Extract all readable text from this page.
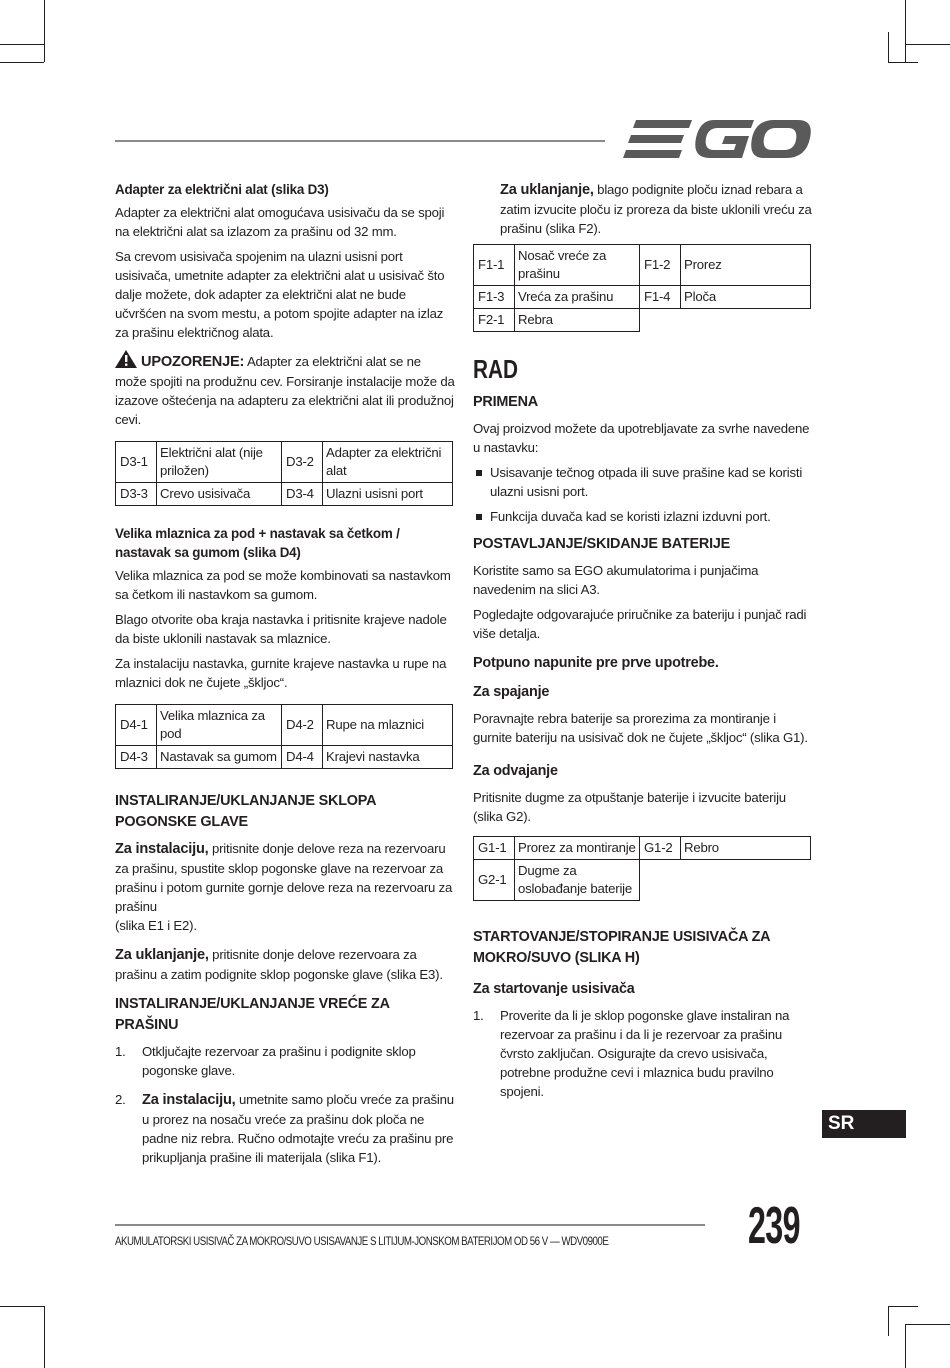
Adapter za električni alat (slika D3)

Adapter za električni alat omogućava usisivaču da se spoji na električni alat sa izlazom za prašinu od 32 mm.

Sa crevom usisivača spojenim na ulazni usisni port usisivača, umetnite adapter za električni alat u usisivač što dalje možete, dok adapter za električni alat ne bude učvršćen na svom mestu, a potom spojite adapter na izlaz za prašinu električnog alata.

UPOZORENJE: Adapter za električni alat se ne može spojiti na produžnu cev. Forsiranje instalacije može da izazove oštećenja na adapteru za električni alat ili produžnoj cevi.

D3-1	Električni alat (nije priložen)	D3-2	Adapter za električni alat
D3-3	Crevo usisivača	D3-4	Ulazni usisni port
Velika mlaznica za pod + nastavak sa četkom / nastavak sa gumom (slika D4)

Velika mlaznica za pod se može kombinovati sa nastavkom sa četkom ili nastavkom sa gumom.

Blago otvorite oba kraja nastavka i pritisnite krajeve nadole da biste uklonili nastavak sa mlaznice.

Za instalaciju nastavka, gurnite krajeve nastavka u rupe na mlaznici dok ne čujete „škljoc“.

D4-1	Velika mlaznica za pod	D4-2	Rupe na mlaznici
D4-3	Nastavak sa gumom	D4-4	Krajevi nastavka
INSTALIRANJE/UKLANJANJE SKLOPA POGONSKE GLAVE

Za instalaciju, pritisnite donje delove reza na rezervoaru za prašinu, spustite sklop pogonske glave na rezervoar za prašinu i potom gurnite gornje delove reza na rezervoaru za prašinu
(slika E1 i E2).

Za uklanjanje, pritisnite donje delove rezervoara za prašinu a zatim podignite sklop pogonske glave (slika E3).

INSTALIRANJE/UKLANJANJE VREĆE ZA PRAŠINU
1. Otključajte rezervoar za prašinu i podignite sklop pogonske glave.
2. Za instalaciju, umetnite samo ploču vreće za prašinu u prorez na nosaču vreće za prašinu dok ploča ne padne niz rebra. Ručno odmotajte vreću za prašinu pre prikupljanja prašine ili materijala (slika F1).

Za uklanjanje, blago podignite ploču iznad rebara a zatim izvucite ploču iz proreza da biste uklonili vreću za prašinu (slika F2).

F1-1	Nosač vreće za prašinu	F1-2	Prorez
F1-3	Vreća za prašinu	F1-4	Ploča
F2-1	Rebra		
RAD
PRIMENA

Ovaj proizvod možete da upotrebljavate za svrhe navedene u nastavku:

Usisavanje tečnog otpada ili suve prašine kad se koristi ulazni usisni port.
Funkcija duvača kad se koristi izlazni izduvni port.
POSTAVLJANJE/SKIDANJE BATERIJE

Koristite samo sa EGO akumulatorima i punjačima navedenim na slici A3.

Pogledajte odgovarajuće priručnike za bateriju i punjač radi više detalja.

Potpuno napunite pre prve upotrebe.
Za spajanje

Poravnajte rebra baterije sa prorezima za montiranje i gurnite bateriju na usisivač dok ne čujete „škljoc“ (slika G1).

Za odvajanje

Pritisnite dugme za otpuštanje baterije i izvucite bateriju (slika G2).

G1-1	Prorez za montiranje	G1-2	Rebro
G2-1	Dugme za oslobađanje baterije		
STARTOVANJE/STOPIRANJE USISIVAČA ZA MOKRO/SUVO (SLIKA H)
Za startovanje usisivača
1. Proverite da li je sklop pogonske glave instaliran na rezervoar za prašinu i da li je rezervoar za prašinu čvrsto zaključan. Osigurajte da crevo usisivača, potrebne produžne cevi i mlaznica budu pravilno spojeni.
SR
AKUMULATORSKI USISIVAČ ZA MOKRO/SUVO USISAVANJE S LITIJUM-JONSKOM BATERIJOM OD 56 V — WDV0900E	239
